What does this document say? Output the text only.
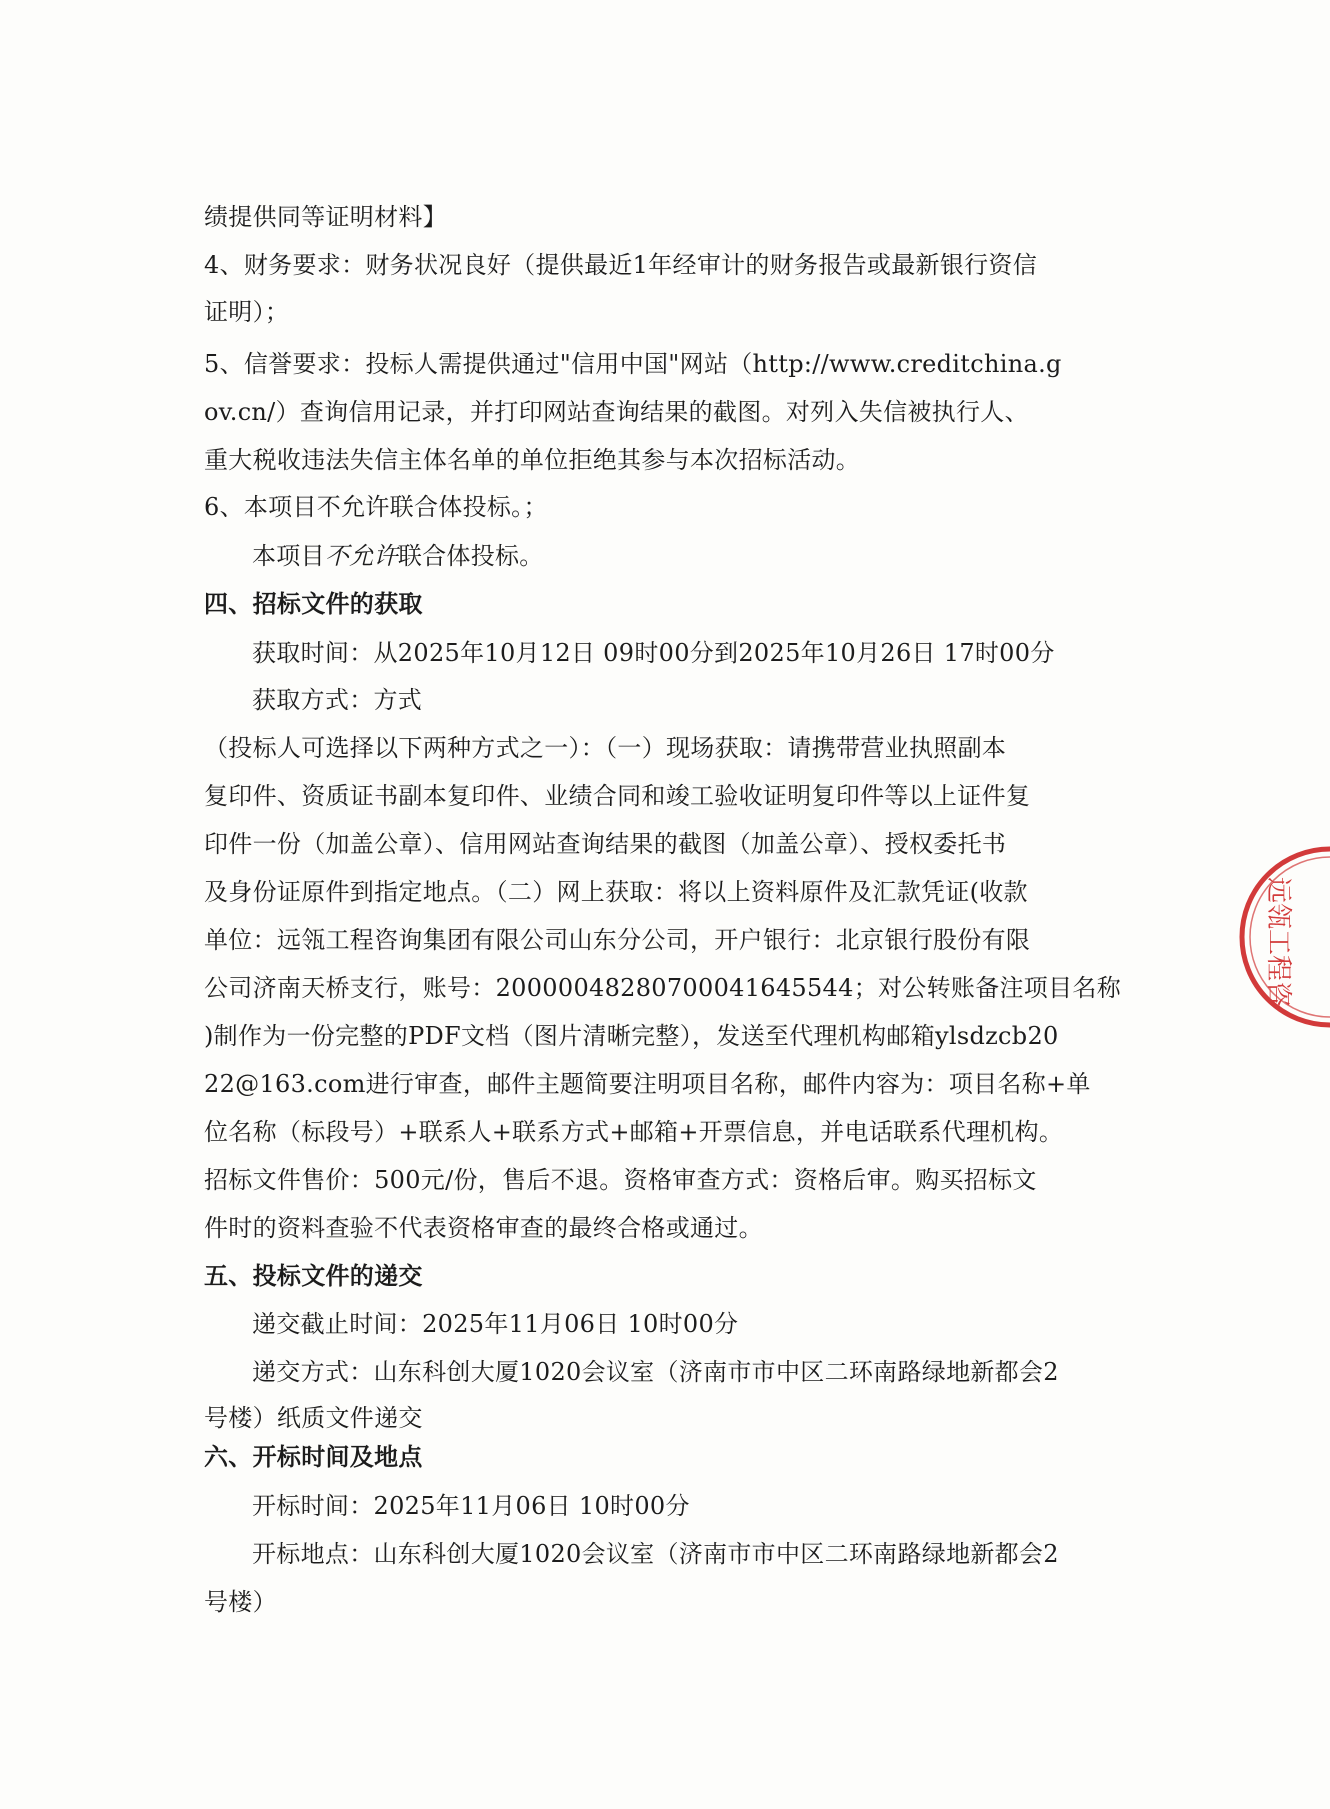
绩提供同等证明材料】
4、财务要求：财务状况良好（提供最近1年经审计的财务报告或最新银行资信
证明）；
5、信誉要求：投标人需提供通过"信用中国"网站（http://www.creditchina.g
ov.cn/）查询信用记录，并打印网站查询结果的截图。对列入失信被执行人、
重大税收违法失信主体名单的单位拒绝其参与本次招标活动。
6、本项目不允许联合体投标。；
本项目不允许联合体投标。
四、招标文件的获取
获取时间：从2025年10月12日 09时00分到2025年10月26日 17时00分
获取方式：方式
（投标人可选择以下两种方式之一）：（一）现场获取：请携带营业执照副本
复印件、资质证书副本复印件、业绩合同和竣工验收证明复印件等以上证件复
印件一份（加盖公章）、信用网站查询结果的截图（加盖公章）、授权委托书
及身份证原件到指定地点。（二）网上获取：将以上资料原件及汇款凭证(收款
单位：远瓴工程咨询集团有限公司山东分公司，开户银行：北京银行股份有限
公司济南天桥支行，账号：20000048280700041645544；对公转账备注项目名称
)制作为一份完整的PDF文档（图片清晰完整），发送至代理机构邮箱ylsdzcb20
22@163.com进行审查，邮件主题简要注明项目名称，邮件内容为：项目名称+单
位名称（标段号）+联系人+联系方式+邮箱+开票信息，并电话联系代理机构。
招标文件售价：500元/份，售后不退。资格审查方式：资格后审。购买招标文
件时的资料查验不代表资格审查的最终合格或通过。
五、投标文件的递交
递交截止时间：2025年11月06日 10时00分
递交方式：山东科创大厦1020会议室（济南市市中区二环南路绿地新都会2
号楼）纸质文件递交
六、开标时间及地点
开标时间：2025年11月06日 10时00分
开标地点：山东科创大厦1020会议室（济南市市中区二环南路绿地新都会2
号楼）
远瓴工程咨
